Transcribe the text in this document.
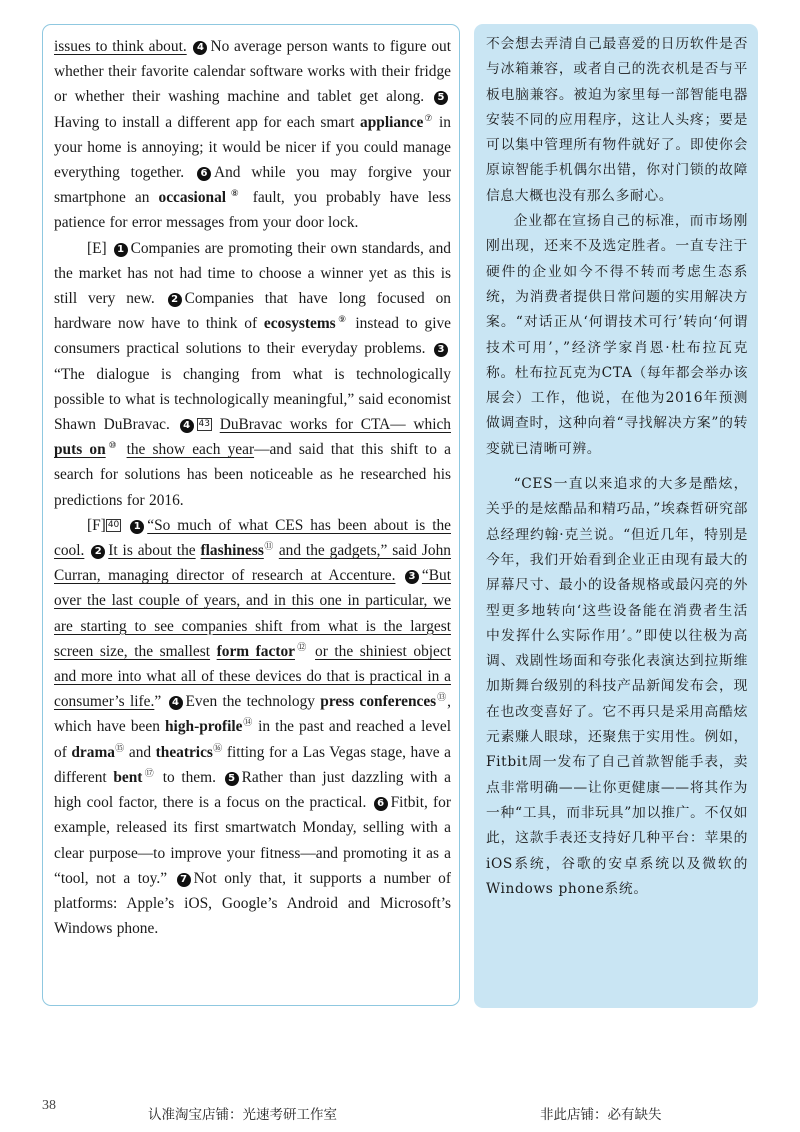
issues to think about. 4 No average person wants to figure out whether their favorite calendar software works with their fridge or whether their washing machine and tablet get along. 5Having to install a different app for each smart appliance⑦ in your home is annoying; it would be nicer if you could manage everything together. 6 And while you may forgive your smartphone an occasional⑧ fault, you probably have less patience for error messages from your door lock.

[E] 1 Companies are promoting their own standards, and the market has not had time to choose a winner yet as this is still very new. 2 Companies that have long focused on hardware now have to think of ecosystems⑨ instead to give consumers practical solutions to their everyday problems. 3“The dialogue is changing from what is technologically possible to what is technologically meaningful,” said economist Shawn DuBravac. 4 43 DuBravac works for CTA— which puts on⑩ the show each year—and said that this shift to a search for solutions has been noticeable as he researched his predictions for 2016.

[F] 40 1 “So much of what CES has been about is the cool. 2 It is about the flashiness⑪ and the gadgets,” said John Curran, managing director of research at Accenture. 3 “But over the last couple of years, and in this one in particular, we are starting to see companies shift from what is the largest screen size, the smallest form factor⑫ or the shiniest object and more into what all of these devices do that is practical in a consumer’s life.” 4 Even the technology press conferences⑬, which have been high-profile⑭ in the past and reached a level of drama⑮ and theatrics⑯ fitting for a Las Vegas stage, have a different bent⑰ to them. 5 Rather than just dazzling with a high cool factor, there is a focus on the practical. 6 Fitbit, for example, released its first smartwatch Monday, selling with a clear purpose—to improve your fitness—and promoting it as a “tool, not a toy.” 7 Not only that, it supports a number of platforms: Apple’s iOS, Google’s Android and Microsoft’s Windows phone.

不会想去弄清自己最喜爱的日历软件是否与冰箱兼容，或者自己的洗衣机是否与平板电脑兼容。被迫为家里每一部智能电器安装不同的应用程序，这让人头疼；要是可以集中管理所有物件就好了。即使你会原谅智能手机偶尔出错，你对门锁的故障信息大概也没有那么多耐心。

企业都在宣扬自己的标准，而市场刚刚出现，还来不及选定胜者。一直专注于硬件的企业如今不得不转而考虑生态系统，为消费者提供日常问题的实用解决方案。“对话正从‘何谓技术可行’转向‘何谓技术可用’，”经济学家肖恩·杜布拉瓦克称。杜布拉瓦克为CTA（每年都会举办该展会）工作，他说，在他为2016年预测做调查时，这种向着“寻找解决方案”的转变就已清晰可辨。

“CES一直以来追求的大多是酷炫，关乎的是炫酷品和精巧品，”埃森哲研究部总经理约翰·克兰说。“但近几年，特别是今年，我们开始看到企业正由现有最大的屏幕尺寸、最小的设备规格或最闪亮的外型更多地转向‘这些设备能在消费者生活中发挥什么实际作用’。”即使以往极为高调、戏剧性场面和夸张化表演达到拉斯维加斯舞台级别的科技产品新闻发布会，现在也改变喜好了。它不再只是采用高酷炫元素赚人眼球，还聚焦于实用性。例如，Fitbit周一发布了自己首款智能手表，卖点非常明确——让你更健康——将其作为一种“工具，而非玩具”加以推广。不仅如此，这款手表还支持好几种平台：苹果的iOS系统，谷歌的安卓系统以及微软的Windows phone系统。

38
认准淘宝店铺：光速考研工作室	非此店铺：必有缺失
